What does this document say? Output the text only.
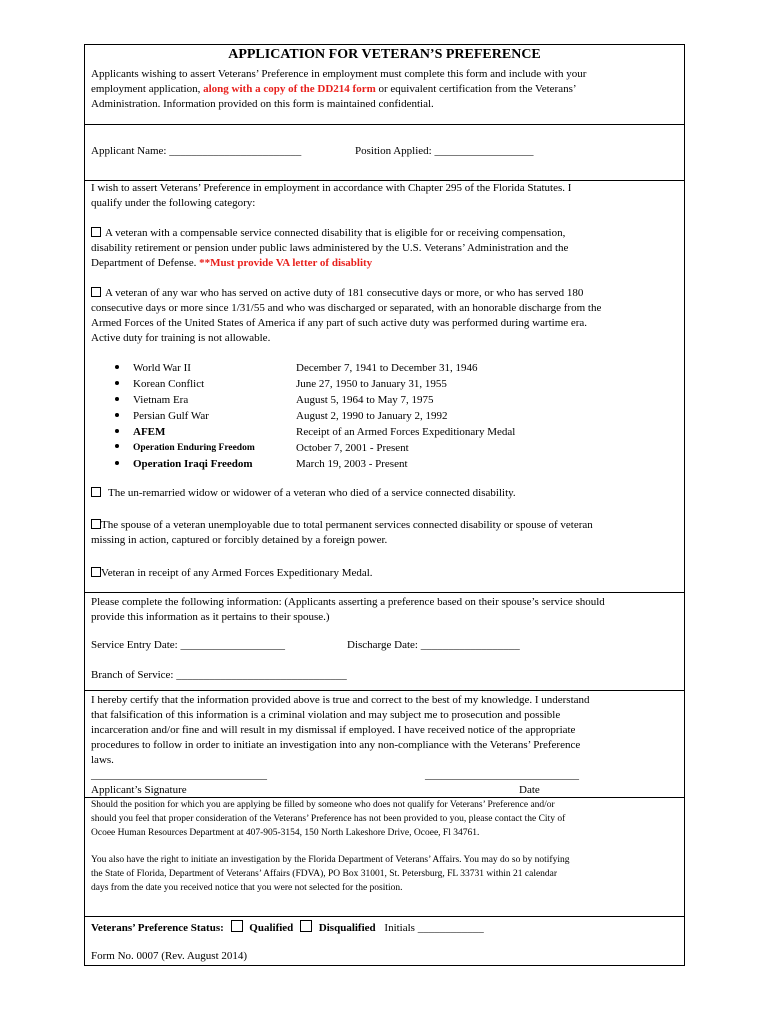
APPLICATION FOR VETERAN’S PREFERENCE
Applicants wishing to assert Veterans’ Preference in employment must complete this form and include with your
employment application, along with a copy of the DD214 form or equivalent certification from the Veterans’
Administration. Information provided on this form is maintained confidential.
Applicant Name: ________________________	Position Applied: __________________
I wish to assert Veterans’ Preference in employment in accordance with Chapter 295 of the Florida Statutes. I
qualify under the following category:
A veteran with a compensable service connected disability that is eligible for or receiving compensation,
disability retirement or pension under public laws administered by the U.S. Veterans’ Administration and the
Department of Defense. **Must provide VA letter of disablity
A veteran of any war who has served on active duty of 181 consecutive days or more, or who has served 180
consecutive days or more since 1/31/55 and who was discharged or separated, with an honorable discharge from the
Armed Forces of the United States of America if any part of such active duty was performed during wartime era.
Active duty for training is not allowable.
World War II	December 7, 1941 to December 31, 1946
Korean Conflict	June 27, 1950 to January 31, 1955
Vietnam Era	August 5, 1964 to May 7, 1975
Persian Gulf War	August 2, 1990 to January 2, 1992
AFEM	Receipt of an Armed Forces Expeditionary Medal
Operation Enduring Freedom	October 7, 2001 - Present
Operation Iraqi Freedom	March 19, 2003 - Present
The un-remarried widow or widower of a veteran who died of a service connected disability.
The spouse of a veteran unemployable due to total permanent services connected disability or spouse of veteran
missing in action, captured or forcibly detained by a foreign power.
Veteran in receipt of any Armed Forces Expeditionary Medal.
Please complete the following information: (Applicants asserting a preference based on their spouse’s service should
provide this information as it pertains to their spouse.)
Service Entry Date: ___________________	Discharge Date: __________________
Branch of Service: _______________________________
I hereby certify that the information provided above is true and correct to the best of my knowledge. I understand
that falsification of this information is a criminal violation and may subject me to prosecution and possible
incarceration and/or fine and will result in my dismissal if employed. I have received notice of the appropriate
procedures to follow in order to initiate an investigation into any non-compliance with the Veterans’ Preference
laws.
________________________________	____________________________
Applicant’s Signature	Date
Should the position for which you are applying be filled by someone who does not qualify for Veterans’ Preference and/or
should you feel that proper consideration of the Veterans’ Preference has not been provided to you, please contact the City of
Ocoee Human Resources Department at 407-905-3154, 150 North Lakeshore Drive, Ocoee, Fl 34761.
You also have the right to initiate an investigation by the Florida Department of Veterans’ Affairs. You may do so by notifying
the State of Florida, Department of Veterans’ Affairs (FDVA), PO Box 31001, St. Petersburg, FL 33731 within 21 calendar
days from the date you received notice that you were not selected for the position.
Veterans’ Preference Status: Qualified Disqualified Initials ____________
Form No. 0007 (Rev. August 2014)
